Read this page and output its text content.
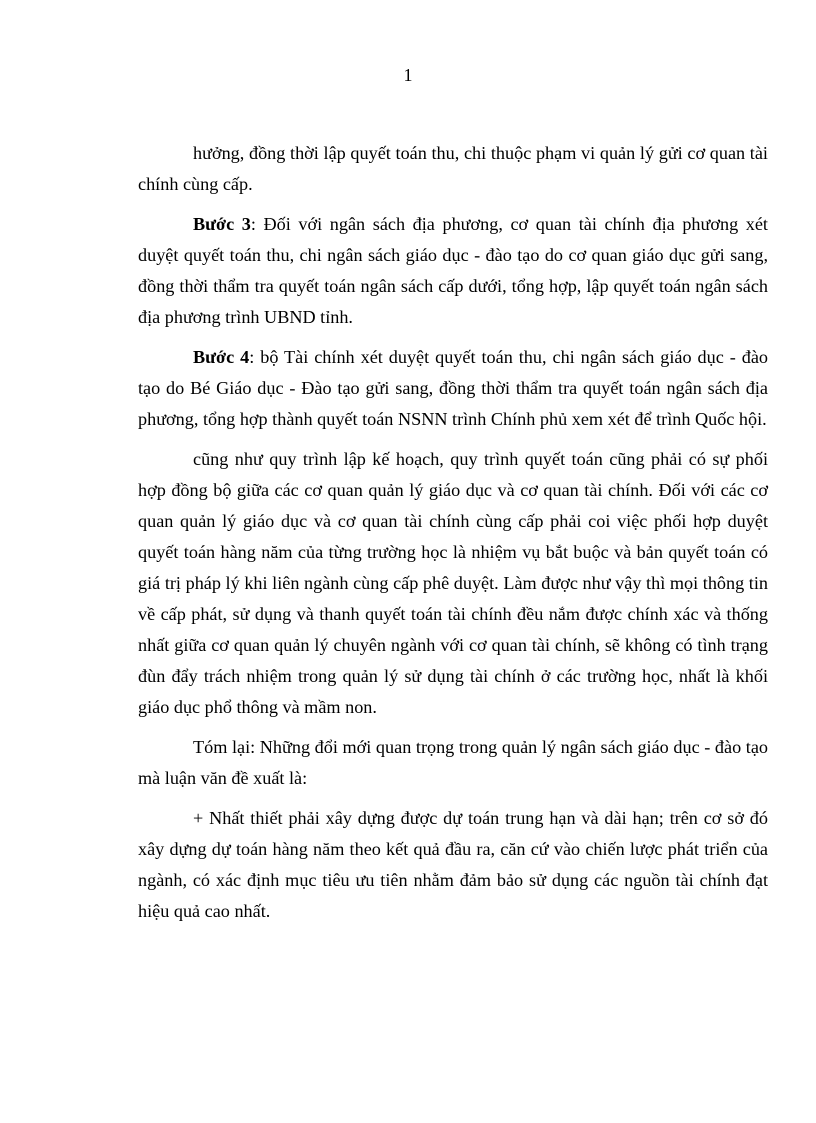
1

hưởng, đồng thời lập quyết toán thu, chi thuộc phạm vi quản lý gửi cơ quan tài chính cùng cấp.

Bước 3: Đối với ngân sách địa phương, cơ quan tài chính địa phương xét duyệt quyết toán thu, chi ngân sách giáo dục - đào tạo do cơ quan giáo dục gửi sang, đồng thời thẩm tra quyết toán ngân sách cấp dưới, tổng hợp, lập quyết toán ngân sách địa phương trình UBND tỉnh.

Bước 4: bộ Tài chính xét duyệt quyết toán thu, chi ngân sách giáo dục - đào tạo do Bé Giáo dục - Đào tạo gửi sang, đồng thời thẩm tra quyết toán ngân sách địa phương, tổng hợp thành quyết toán NSNN trình Chính phủ xem xét để trình Quốc hội.

cũng như quy trình lập kế hoạch, quy trình quyết toán cũng phải có sự phối hợp đồng bộ giữa các cơ quan quản lý giáo dục và cơ quan tài chính. Đối với các cơ quan quản lý giáo dục và cơ quan tài chính cùng cấp phải coi việc phối hợp duyệt quyết toán hàng năm của từng trường học là nhiệm vụ bắt buộc và bản quyết toán có giá trị pháp lý khi liên ngành cùng cấp phê duyệt. Làm được như vậy thì mọi thông tin về cấp phát, sử dụng và thanh quyết toán tài chính đều nắm được chính xác và thống nhất giữa cơ quan quản lý chuyên ngành với cơ quan tài chính, sẽ không có tình trạng đùn đẩy trách nhiệm trong quản lý sử dụng tài chính ở các trường học, nhất là khối giáo dục phổ thông và mầm non.

Tóm lại: Những đổi mới quan trọng trong quản lý ngân sách giáo dục - đào tạo mà luận văn đề xuất là:

+ Nhất thiết phải xây dựng được dự toán trung hạn và dài hạn; trên cơ sở đó xây dựng dự toán hàng năm theo kết quả đầu ra, căn cứ vào chiến lược phát triển của ngành, có xác định mục tiêu ưu tiên nhằm đảm bảo sử dụng các nguồn tài chính đạt hiệu quả cao nhất.
